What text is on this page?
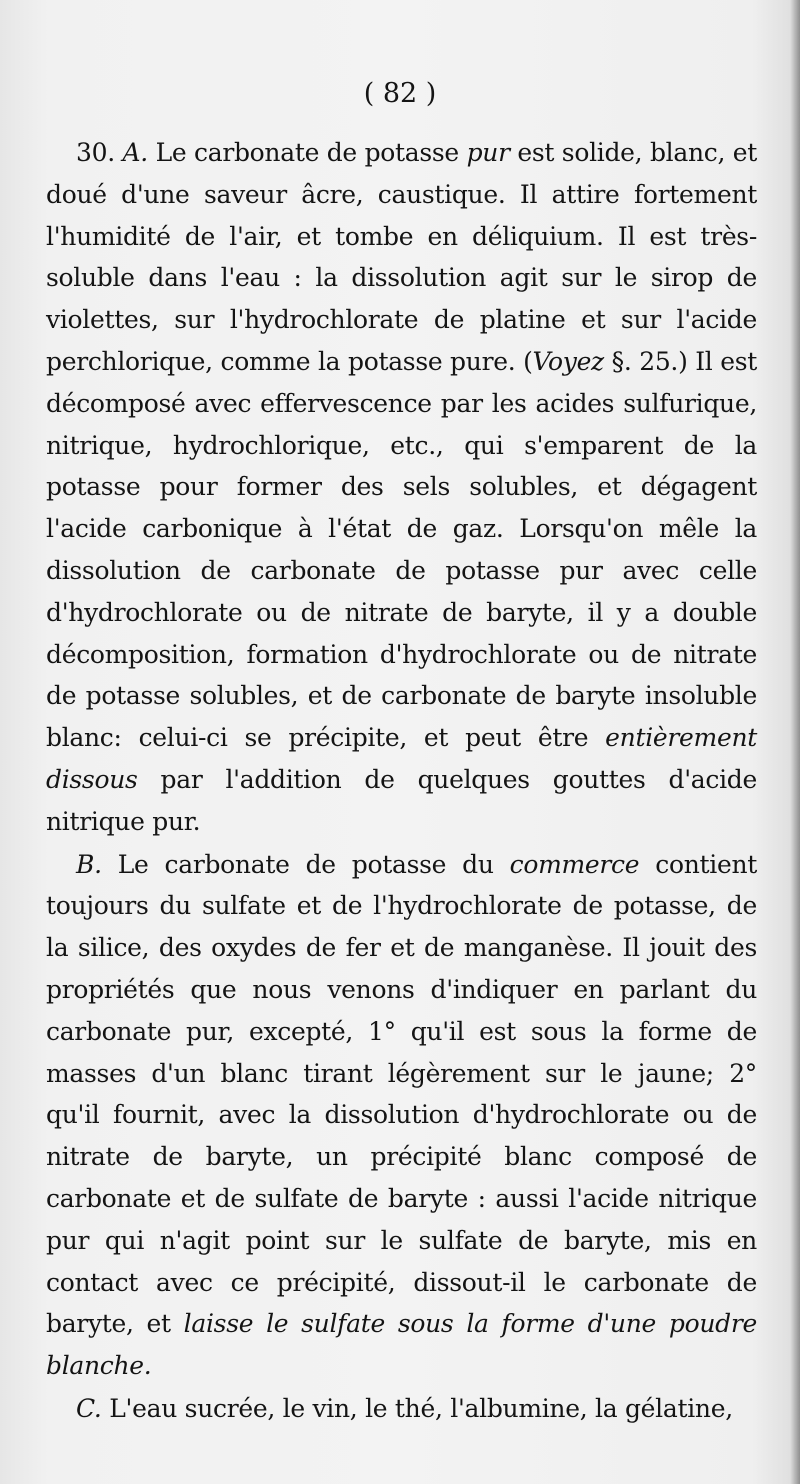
( 82 )

30. A. Le carbonate de potasse pur est solide, blanc, et doué d'une saveur âcre, caustique. Il attire fortement l'humidité de l'air, et tombe en déliquium. Il est très-soluble dans l'eau : la dissolution agit sur le sirop de violettes, sur l'hydrochlorate de platine et sur l'acide perchlorique, comme la potasse pure. (Voyez §. 25.) Il est décomposé avec effervescence par les acides sulfurique, nitrique, hydrochlorique, etc., qui s'emparent de la potasse pour former des sels solubles, et dégagent l'acide carbonique à l'état de gaz. Lorsqu'on mêle la dissolution de carbonate de potasse pur avec celle d'hydrochlorate ou de nitrate de baryte, il y a double décomposition, formation d'hydrochlorate ou de nitrate de potasse solubles, et de carbonate de baryte insoluble blanc: celui-ci se précipite, et peut être entièrement dissous par l'addition de quelques gouttes d'acide nitrique pur.

B. Le carbonate de potasse du commerce contient toujours du sulfate et de l'hydrochlorate de potasse, de la silice, des oxydes de fer et de manganèse. Il jouit des propriétés que nous venons d'indiquer en parlant du carbonate pur, excepté, 1° qu'il est sous la forme de masses d'un blanc tirant légèrement sur le jaune; 2° qu'il fournit, avec la dissolution d'hydrochlorate ou de nitrate de baryte, un précipité blanc composé de carbonate et de sulfate de baryte : aussi l'acide nitrique pur qui n'agit point sur le sulfate de baryte, mis en contact avec ce précipité, dissout-il le carbonate de baryte, et laisse le sulfate sous la forme d'une poudre blanche.

C. L'eau sucrée, le vin, le thé, l'albumine, la gélatine,
